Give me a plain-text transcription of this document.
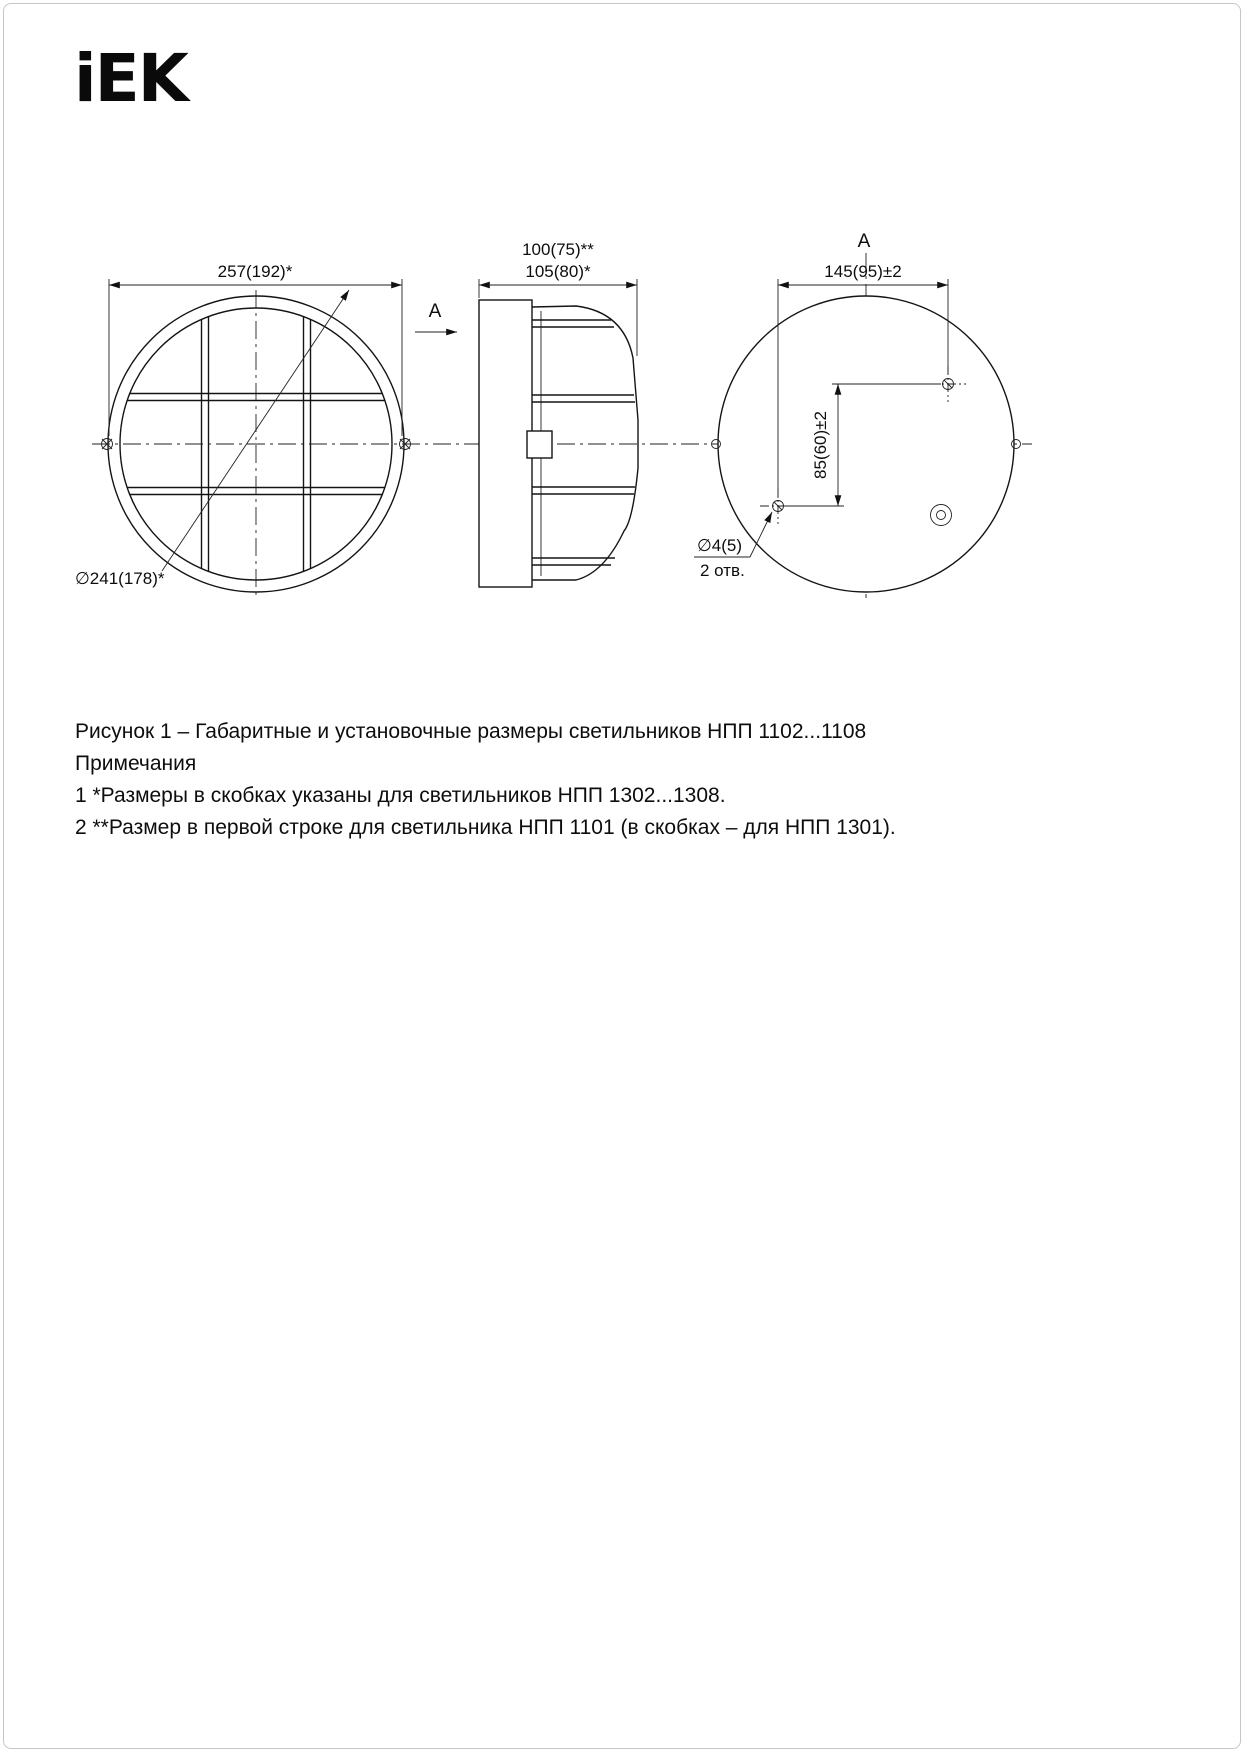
iEK
257(192)*
∅241(178)*
100(75)**
105(80)*
A
A
145(95)±2
85(60)±2
∅4(5)
2 отв.
Рисунок 1 – Габаритные и установочные размеры светильников НПП 1102...1108
Примечания
1 *Размеры в скобках указаны для светильников НПП 1302...1308.
2 **Размер в первой строке для светильника НПП 1101 (в скобках – для НПП 1301).
